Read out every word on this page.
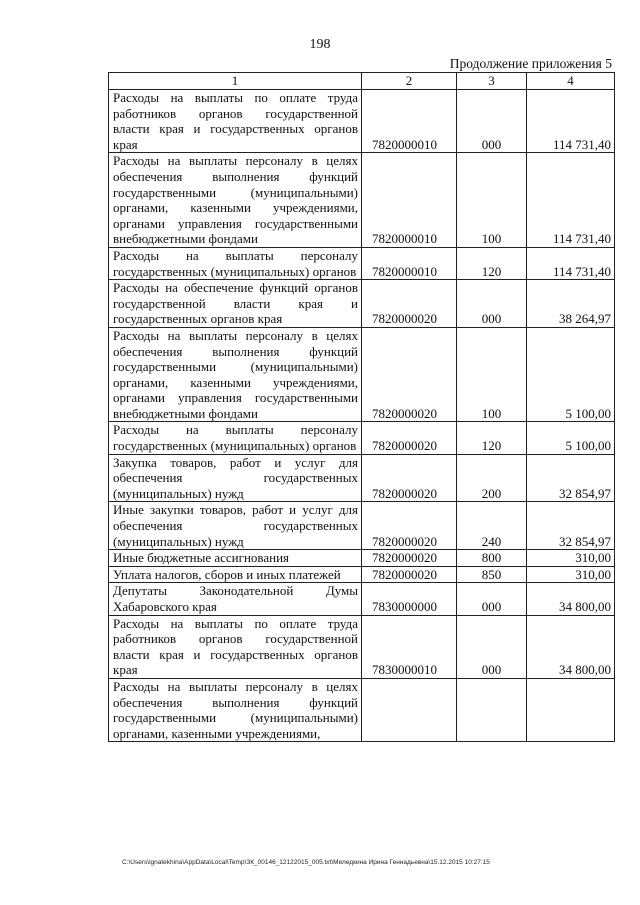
198
Продолжение приложения 5
1	2	3	4
Расходы на выплаты по оплате труда работников органов государственной власти края и государственных органов края	7820000010	000	114 731,40
Расходы на выплаты персоналу в целях обеспечения выполнения функций государственными (муниципальными) органами, казенными учреждениями, органами управления государственными внебюджетными фондами	7820000010	100	114 731,40
Расходы на выплаты персоналу государственных (муниципальных) органов	7820000010	120	114 731,40
Расходы на обеспечение функций органов государственной власти края и государственных органов края	7820000020	000	38 264,97
Расходы на выплаты персоналу в целях обеспечения выполнения функций государственными (муниципальными) органами, казенными учреждениями, органами управления государственными внебюджетными фондами	7820000020	100	5 100,00
Расходы на выплаты персоналу государственных (муниципальных) органов	7820000020	120	5 100,00
Закупка товаров, работ и услуг для обеспечения государственных (муниципальных) нужд	7820000020	200	32 854,97
Иные закупки товаров, работ и услуг для обеспечения государственных (муниципальных) нужд	7820000020	240	32 854,97
Иные бюджетные ассигнования	7820000020	800	310,00
Уплата налогов, сборов и иных платежей	7820000020	850	310,00
Депутаты Законодательной Думы Хабаровского края	7830000000	000	34 800,00
Расходы на выплаты по оплате труда работников органов государственной власти края и государственных органов края	7830000010	000	34 800,00
Расходы на выплаты персоналу в целях обеспечения выполнения функций государственными (муниципальными) органами, казенными учреждениями,			
C:\Users\ignatekhina\AppData\Local\Temp\ЗК_00146_12122015_005.txt\Меледкина Ирина Геннадьевна\15.12.2015 10:27:15
